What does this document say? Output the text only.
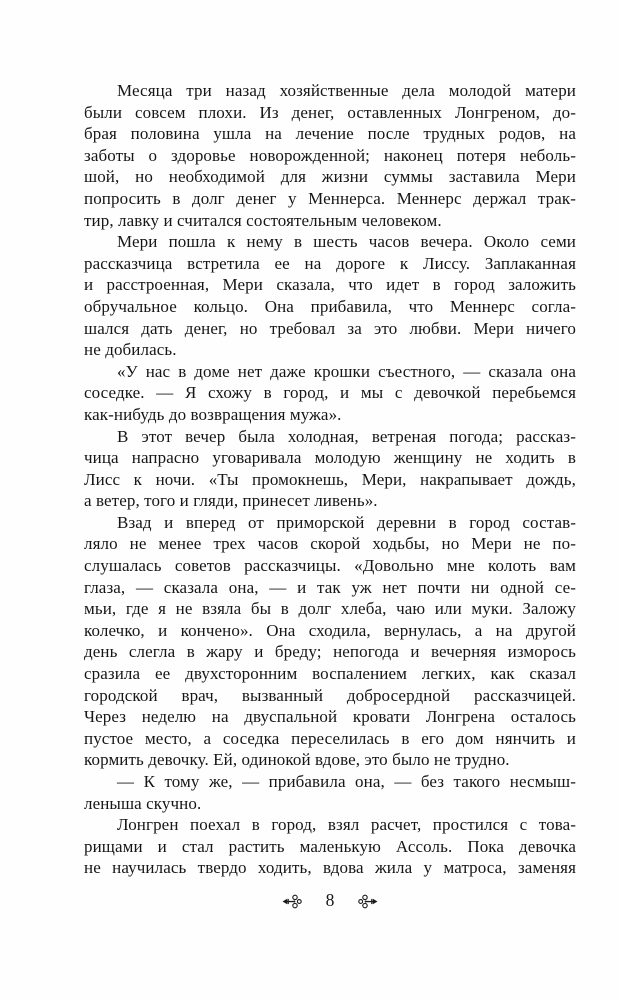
Месяца три назад хозяйственные дела молодой матери
были совсем плохи. Из денег, оставленных Лонгреном, до-
брая половина ушла на лечение после трудных родов, на
заботы о здоровье новорожденной; наконец потеря неболь-
шой, но необходимой для жизни суммы заставила Мери
попросить в долг денег у Меннерса. Меннерс держал трак-
тир, лавку и считался состоятельным человеком.
Мери пошла к нему в шесть часов вечера. Около семи
рассказчица встретила ее на дороге к Лиссу. Заплаканная
и расстроенная, Мери сказала, что идет в город заложить
обручальное кольцо. Она прибавила, что Меннерс согла-
шался дать денег, но требовал за это любви. Мери ничего
не добилась.
«У нас в доме нет даже крошки съестного, — сказала она
соседке. — Я схожу в город, и мы с девочкой перебьемся
как-нибудь до возвращения мужа».
В этот вечер была холодная, ветреная погода; рассказ-
чица напрасно уговаривала молодую женщину не ходить в
Лисс к ночи. «Ты промокнешь, Мери, накрапывает дождь,
а ветер, того и гляди, принесет ливень».
Взад и вперед от приморской деревни в город состав-
ляло не менее трех часов скорой ходьбы, но Мери не по-
слушалась советов рассказчицы. «Довольно мне колоть вам
глаза, — сказала она, — и так уж нет почти ни одной се-
мьи, где я не взяла бы в долг хлеба, чаю или муки. Заложу
колечко, и кончено». Она сходила, вернулась, а на другой
день слегла в жару и бреду; непогода и вечерняя изморось
сразила ее двухсторонним воспалением легких, как сказал
городской врач, вызванный добросердной рассказчицей.
Через неделю на двуспальной кровати Лонгрена осталось
пустое место, а соседка переселилась в его дом нянчить и
кормить девочку. Ей, одинокой вдове, это было не трудно.
— К тому же, — прибавила она, — без такого несмыш-
леныша скучно.
Лонгрен поехал в город, взял расчет, простился с това-
рищами и стал растить маленькую Ассоль. Пока девочка
не научилась твердо ходить, вдова жила у матроса, заменяя
8
